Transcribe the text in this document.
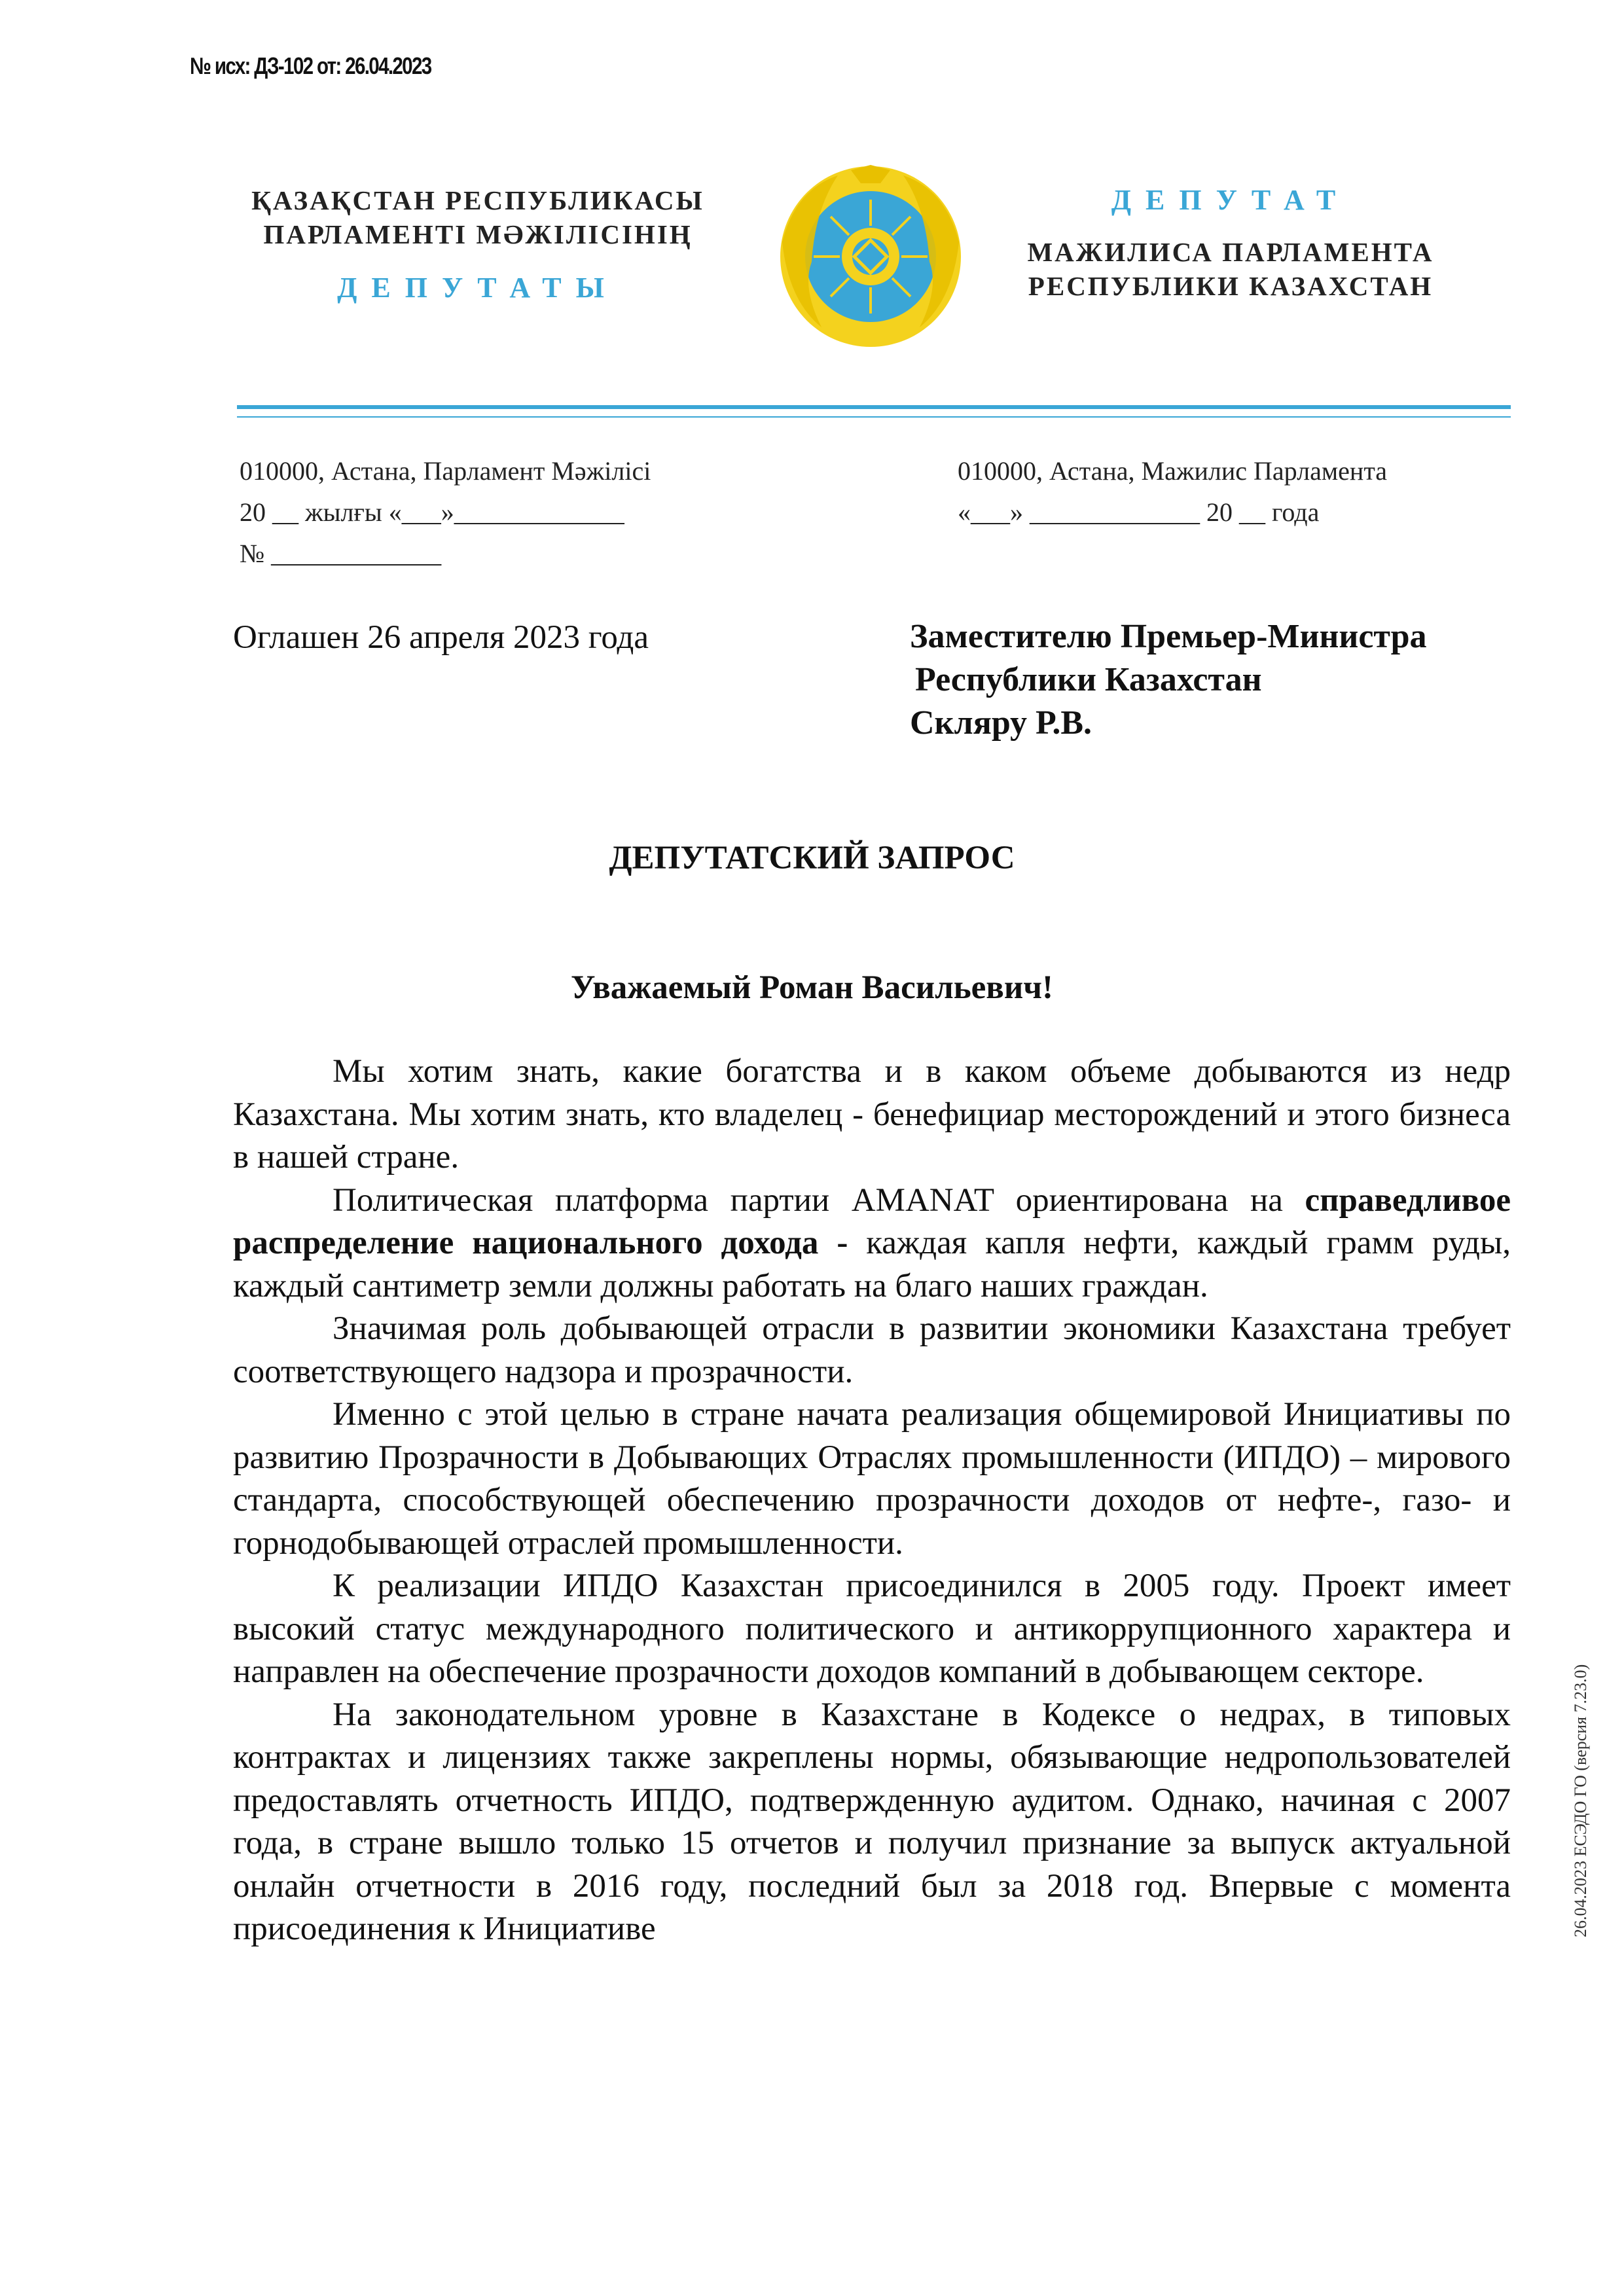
№ исх: ДЗ-102 от: 26.04.2023
ҚАЗАҚСТАН РЕСПУБЛИКАСЫ
ПАРЛАМЕНТІ МӘЖІЛІСІНІҢ
ДЕПУТАТЫ
ДЕПУТАТ
МАЖИЛИСА ПАРЛАМЕНТА
РЕСПУБЛИКИ КАЗАХСТАН
010000, Астана, Парламент Мәжілісі
20 __ жылғы «___»_____________
№ _____________
010000, Астана, Мажилис Парламента
«___» _____________ 20 __ года
Оглашен 26 апреля 2023 года	Заместителю Премьер-Министра
Республики Казахстан
Скляру Р.В.
ДЕПУТАТСКИЙ ЗАПРОС
Уважаемый Роман Васильевич!

Мы хотим знать, какие богатства и в каком объеме добываются из недр Казахстана. Мы хотим знать, кто владелец - бенефициар месторождений и этого бизнеса в нашей стране.

Политическая платформа партии AMANAT ориентирована на справедливое распределение национального дохода - каждая капля нефти, каждый грамм руды, каждый сантиметр земли должны работать на благо наших граждан.

Значимая роль добывающей отрасли в развитии экономики Казахстана требует соответствующего надзора и прозрачности.

Именно с этой целью в стране начата реализация общемировой Инициативы по развитию Прозрачности в Добывающих Отраслях промышленности (ИПДО) – мирового стандарта, способствующей обеспечению прозрачности доходов от нефте-, газо- и горнодобывающей отраслей промышленности.

К реализации ИПДО Казахстан присоединился в 2005 году. Проект имеет высокий статус международного политического и антикоррупционного характера и направлен на обеспечение прозрачности доходов компаний в добывающем секторе.

На законодательном уровне в Казахстане в Кодексе о недрах, в типовых контрактах и лицензиях также закреплены нормы, обязывающие недропользователей предоставлять отчетность ИПДО, подтвержденную аудитом. Однако, начиная с 2007 года, в стране вышло только 15 отчетов и получил признание за выпуск актуальной онлайн отчетности в 2016 году, последний был за 2018 год. Впервые с момента присоединения к Инициативе	26.04.2023 ЕСЭДО ГО (версия 7.23.0)
